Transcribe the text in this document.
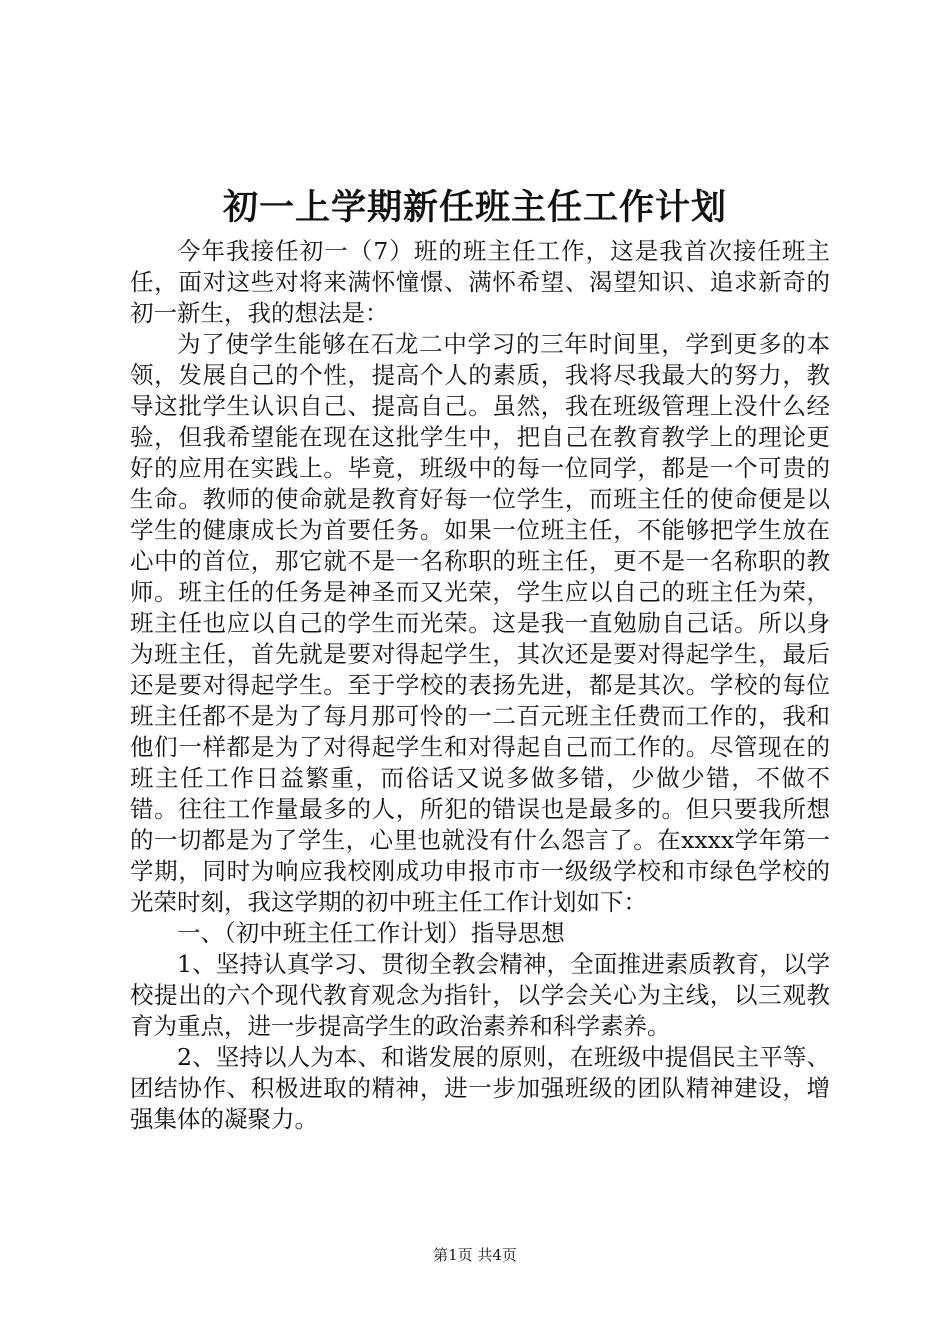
初一上学期新任班主任工作计划

今年我接任初一（7）班的班主任工作，这是我首次接任班主任，面对这些对将来满怀憧憬、满怀希望、渴望知识、追求新奇的初一新生，我的想法是：

为了使学生能够在石龙二中学习的三年时间里，学到更多的本领，发展自己的个性，提高个人的素质，我将尽我最大的努力，教导这批学生认识自己、提高自己。虽然，我在班级管理上没什么经验，但我希望能在现在这批学生中，把自己在教育教学上的理论更好的应用在实践上。毕竟，班级中的每一位同学，都是一个可贵的生命。教师的使命就是教育好每一位学生，而班主任的使命便是以学生的健康成长为首要任务。如果一位班主任，不能够把学生放在心中的首位，那它就不是一名称职的班主任，更不是一名称职的教师。班主任的任务是神圣而又光荣，学生应以自己的班主任为荣，班主任也应以自己的学生而光荣。这是我一直勉励自己话。所以身为班主任，首先就是要对得起学生，其次还是要对得起学生，最后还是要对得起学生。至于学校的表扬先进，都是其次。学校的每位班主任都不是为了每月那可怜的一二百元班主任费而工作的，我和他们一样都是为了对得起学生和对得起自己而工作的。尽管现在的班主任工作日益繁重，而俗话又说多做多错，少做少错，不做不错。往往工作量最多的人，所犯的错误也是最多的。但只要我所想的一切都是为了学生，心里也就没有什么怨言了。在xxxx学年第一学期，同时为响应我校刚成功申报市市一级级学校和市绿色学校的光荣时刻，我这学期的初中班主任工作计划如下：

一、（初中班主任工作计划）指导思想

1、坚持认真学习、贯彻全教会精神，全面推进素质教育，以学校提出的六个现代教育观念为指针，以学会关心为主线，以三观教育为重点，进一步提高学生的政治素养和科学素养。

2、坚持以人为本、和谐发展的原则，在班级中提倡民主平等、团结协作、积极进取的精神，进一步加强班级的团队精神建设，增强集体的凝聚力。

第1页 共4页
